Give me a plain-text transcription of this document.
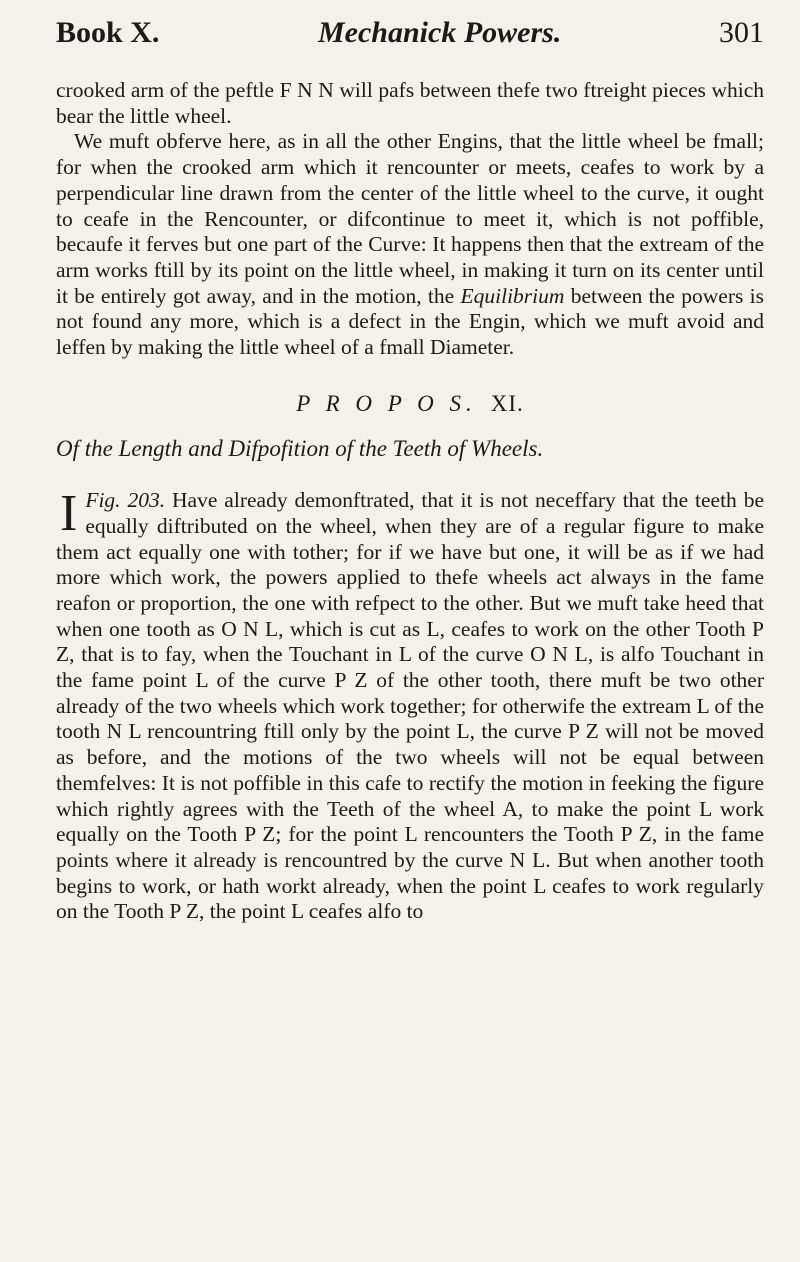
Book X.	Mechanick Powers.	301

crooked arm of the peftle F N N will pafs between thefe two ftreight pieces which bear the little wheel.

We muft obferve here, as in all the other Engins, that the little wheel be fmall; for when the crooked arm which it rencounter or meets, ceafes to work by a perpendicular line drawn from the center of the little wheel to the curve, it ought to ceafe in the Rencounter, or difcontinue to meet it, which is not poffible, becaufe it ferves but one part of the Curve: It happens then that the extream of the arm works ftill by its point on the little wheel, in making it turn on its center until it be entirely got away, and in the motion, the Equilibrium between the powers is not found any more, which is a defect in the Engin, which we muft avoid and leffen by making the little wheel of a fmall Diameter.

P R O P O S. XI.
Of the Length and Difpofition of the Teeth of Wheels.

Fig. 203.
I	Have already demonftrated, that it is not neceffary that the teeth be equally diftributed on the wheel, when they are of a regular figure to make them act equally one with tother; for if we have but one, it will be as if we had more which work, the powers applied to thefe wheels act always in the fame reafon or proportion, the one with refpect to the other. But we muft take heed that when one tooth as O N L, which is cut as L, ceafes to work on the other Tooth P Z, that is to fay, when the Touchant in L of the curve O N L, is alfo Touchant in the fame point L of the curve P Z of the other tooth, there muft be two other already of the two wheels which work together; for otherwife the extream L of the tooth N L rencountring ftill only by the point L, the curve P Z will not be moved as before, and the motions of the two wheels will not be equal between themfelves: It is not poffible in this cafe to rectify the motion in feeking the figure which rightly agrees with the Teeth of the wheel A, to make the point L work equally on the Tooth P Z; for the point L rencounters the Tooth P Z, in the fame points where it already is rencountred by the curve N L. But when another tooth begins to work, or hath workt already, when the point L ceafes to work regularly on the Tooth P Z, the point L ceafes alfo to
